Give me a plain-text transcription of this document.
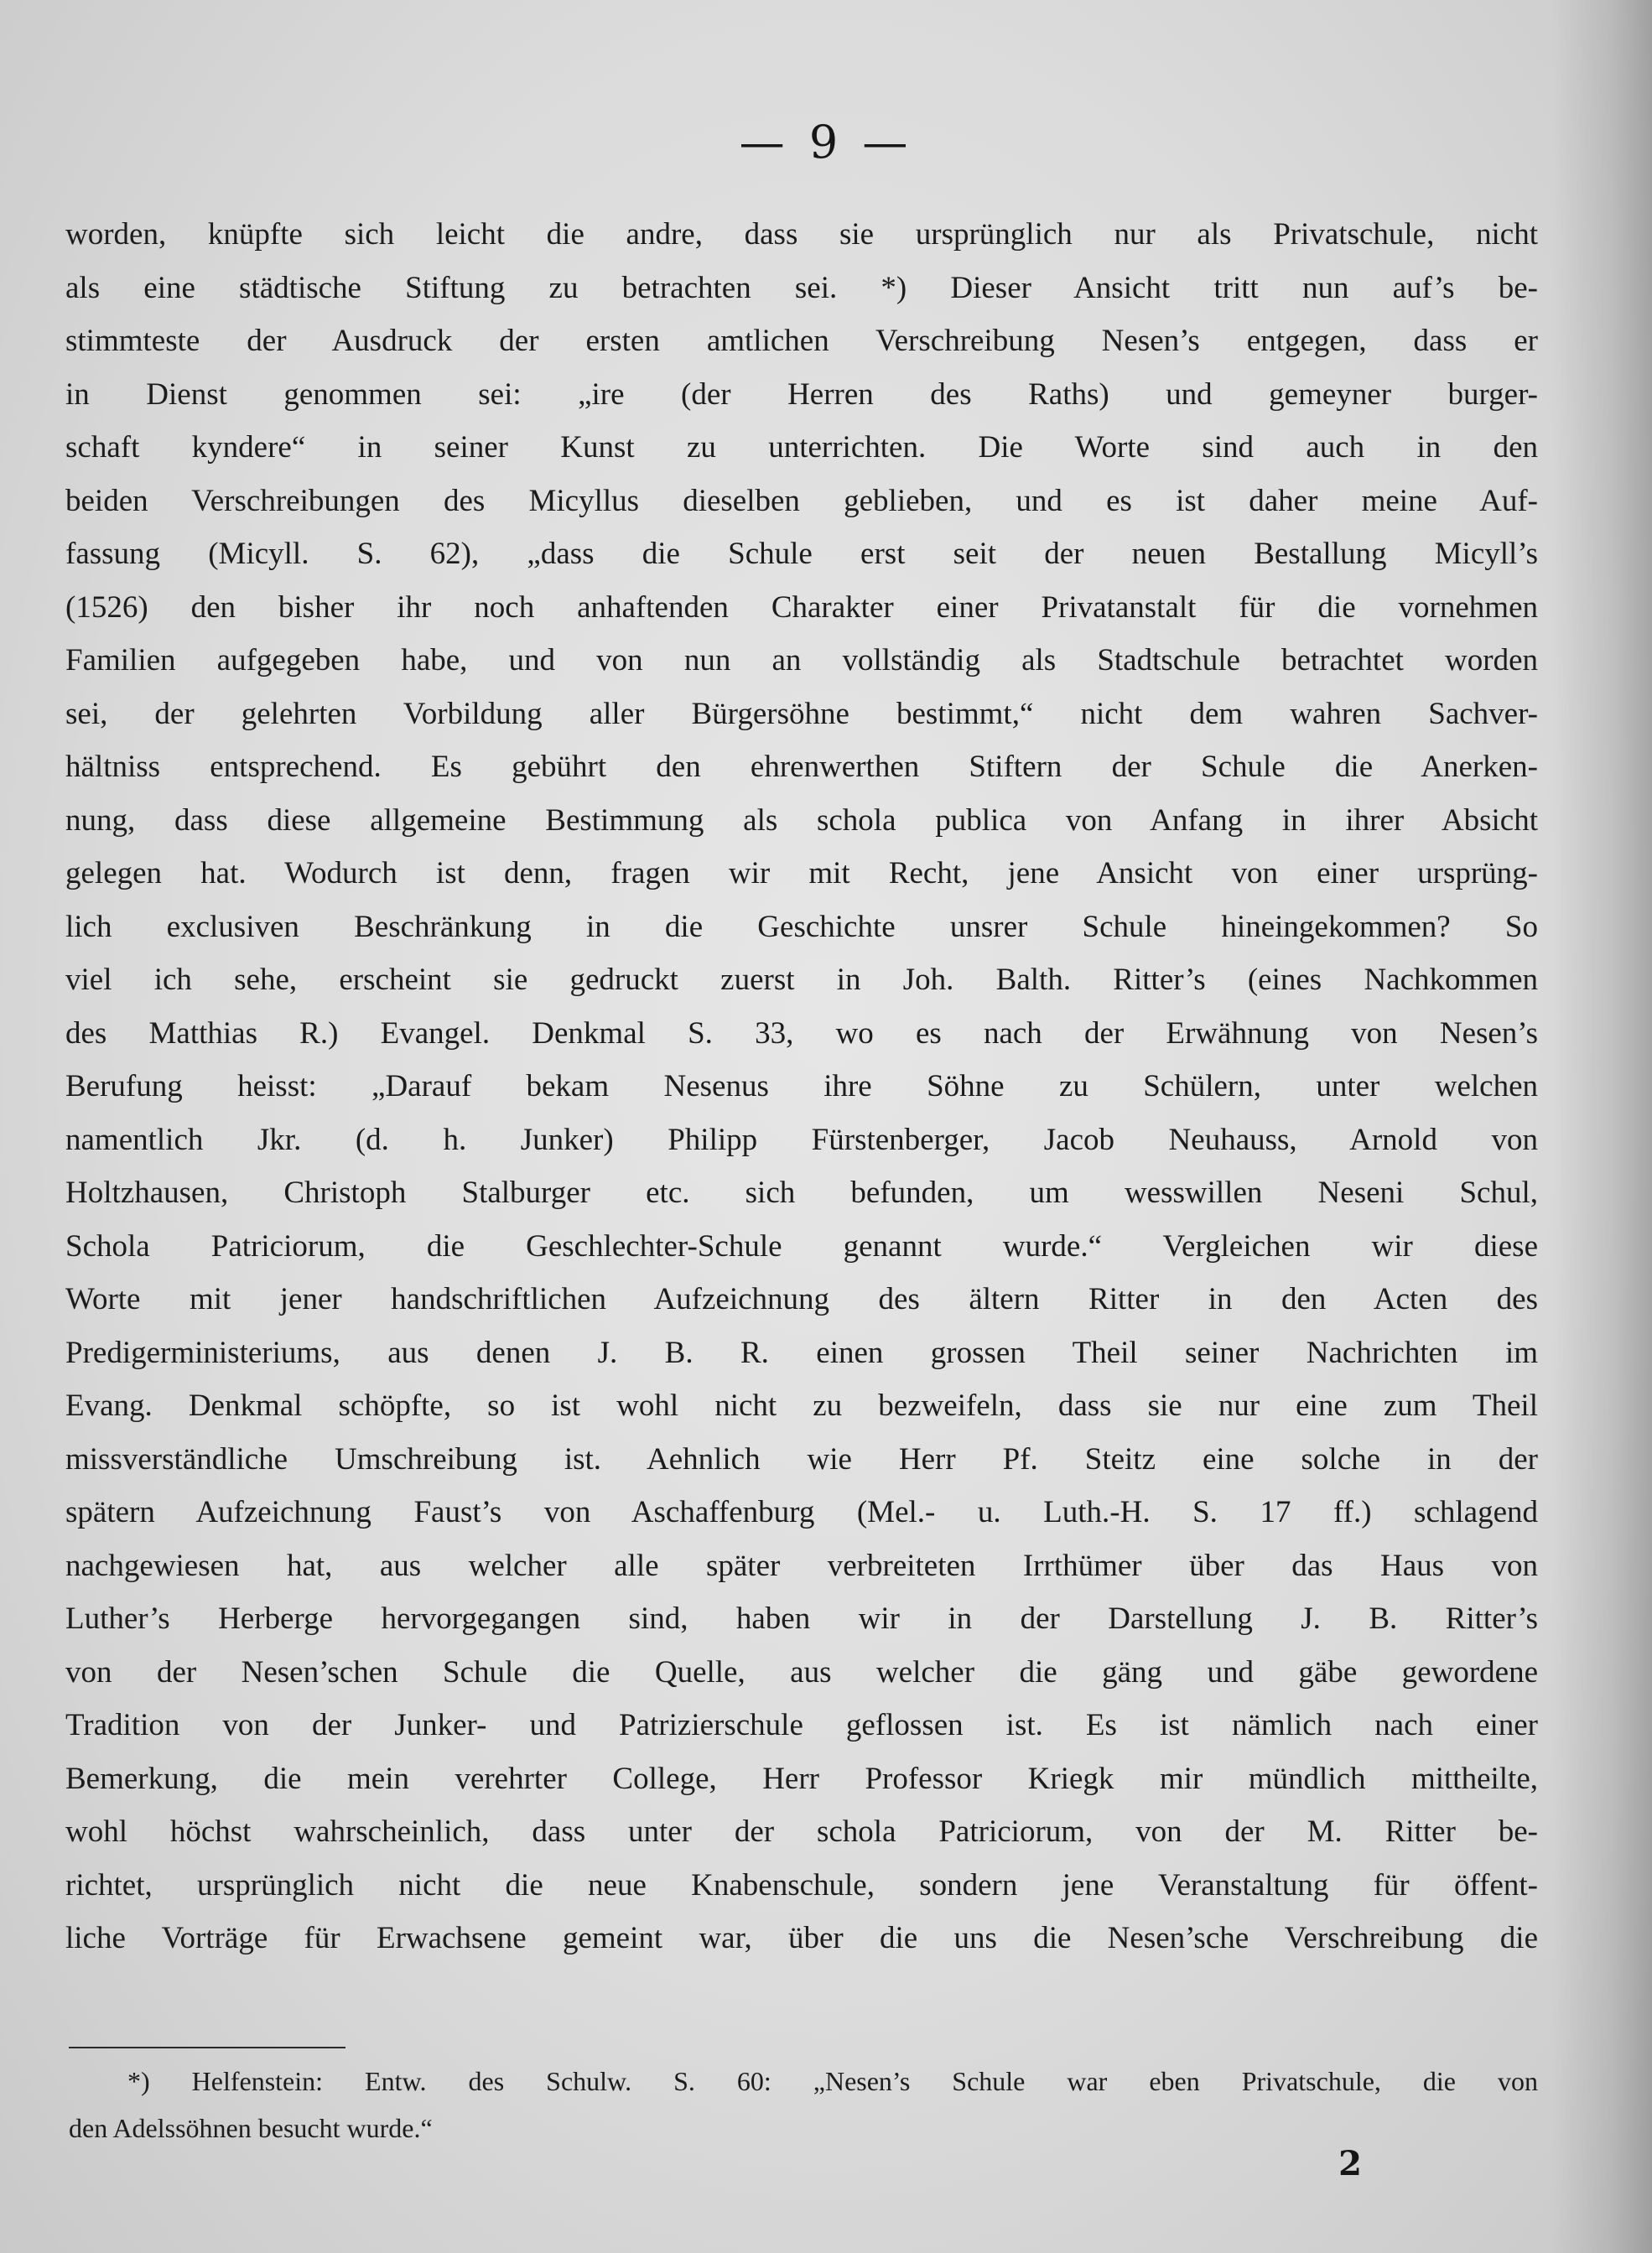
— 9 —
worden, knüpfte sich leicht die andre, dass sie ursprünglich nur als Privatschule, nicht
als eine städtische Stiftung zu betrachten sei. *) Dieser Ansicht tritt nun auf’s be-
stimmteste der Ausdruck der ersten amtlichen Verschreibung Nesen’s entgegen, dass er
in Dienst genommen sei: „ire (der Herren des Raths) und gemeyner burger-
schaft kyndere“ in seiner Kunst zu unterrichten. Die Worte sind auch in den
beiden Verschreibungen des Micyllus dieselben geblieben, und es ist daher meine Auf-
fassung (Micyll. S. 62), „dass die Schule erst seit der neuen Bestallung Micyll’s
(1526) den bisher ihr noch anhaftenden Charakter einer Privatanstalt für die vornehmen
Familien aufgegeben habe, und von nun an vollständig als Stadtschule betrachtet worden
sei, der gelehrten Vorbildung aller Bürgersöhne bestimmt,“ nicht dem wahren Sachver-
hältniss entsprechend. Es gebührt den ehrenwerthen Stiftern der Schule die Anerken-
nung, dass diese allgemeine Bestimmung als schola publica von Anfang in ihrer Absicht
gelegen hat. Wodurch ist denn, fragen wir mit Recht, jene Ansicht von einer ursprüng-
lich exclusiven Beschränkung in die Geschichte unsrer Schule hineingekommen? So
viel ich sehe, erscheint sie gedruckt zuerst in Joh. Balth. Ritter’s (eines Nachkommen
des Matthias R.) Evangel. Denkmal S. 33, wo es nach der Erwähnung von Nesen’s
Berufung heisst: „Darauf bekam Nesenus ihre Söhne zu Schülern, unter welchen
namentlich Jkr. (d. h. Junker) Philipp Fürstenberger, Jacob Neuhauss, Arnold von
Holtzhausen, Christoph Stalburger etc. sich befunden, um wesswillen Neseni Schul,
Schola Patriciorum, die Geschlechter-Schule genannt wurde.“ Vergleichen wir diese
Worte mit jener handschriftlichen Aufzeichnung des ältern Ritter in den Acten des
Predigerministeriums, aus denen J. B. R. einen grossen Theil seiner Nachrichten im
Evang. Denkmal schöpfte, so ist wohl nicht zu bezweifeln, dass sie nur eine zum Theil
missverständliche Umschreibung ist. Aehnlich wie Herr Pf. Steitz eine solche in der
spätern Aufzeichnung Faust’s von Aschaffenburg (Mel.- u. Luth.-H. S. 17 ff.) schlagend
nachgewiesen hat, aus welcher alle später verbreiteten Irrthümer über das Haus von
Luther’s Herberge hervorgegangen sind, haben wir in der Darstellung J. B. Ritter’s
von der Nesen’schen Schule die Quelle, aus welcher die gäng und gäbe gewordene
Tradition von der Junker- und Patrizierschule geflossen ist. Es ist nämlich nach einer
Bemerkung, die mein verehrter College, Herr Professor Kriegk mir mündlich mittheilte,
wohl höchst wahrscheinlich, dass unter der schola Patriciorum, von der M. Ritter be-
richtet, ursprünglich nicht die neue Knabenschule, sondern jene Veranstaltung für öffent-
liche Vorträge für Erwachsene gemeint war, über die uns die Nesen’sche Verschreibung die
*) Helfenstein: Entw. des Schulw. S. 60: „Nesen’s Schule war eben Privatschule, die von
den Adelssöhnen besucht wurde.“
2
